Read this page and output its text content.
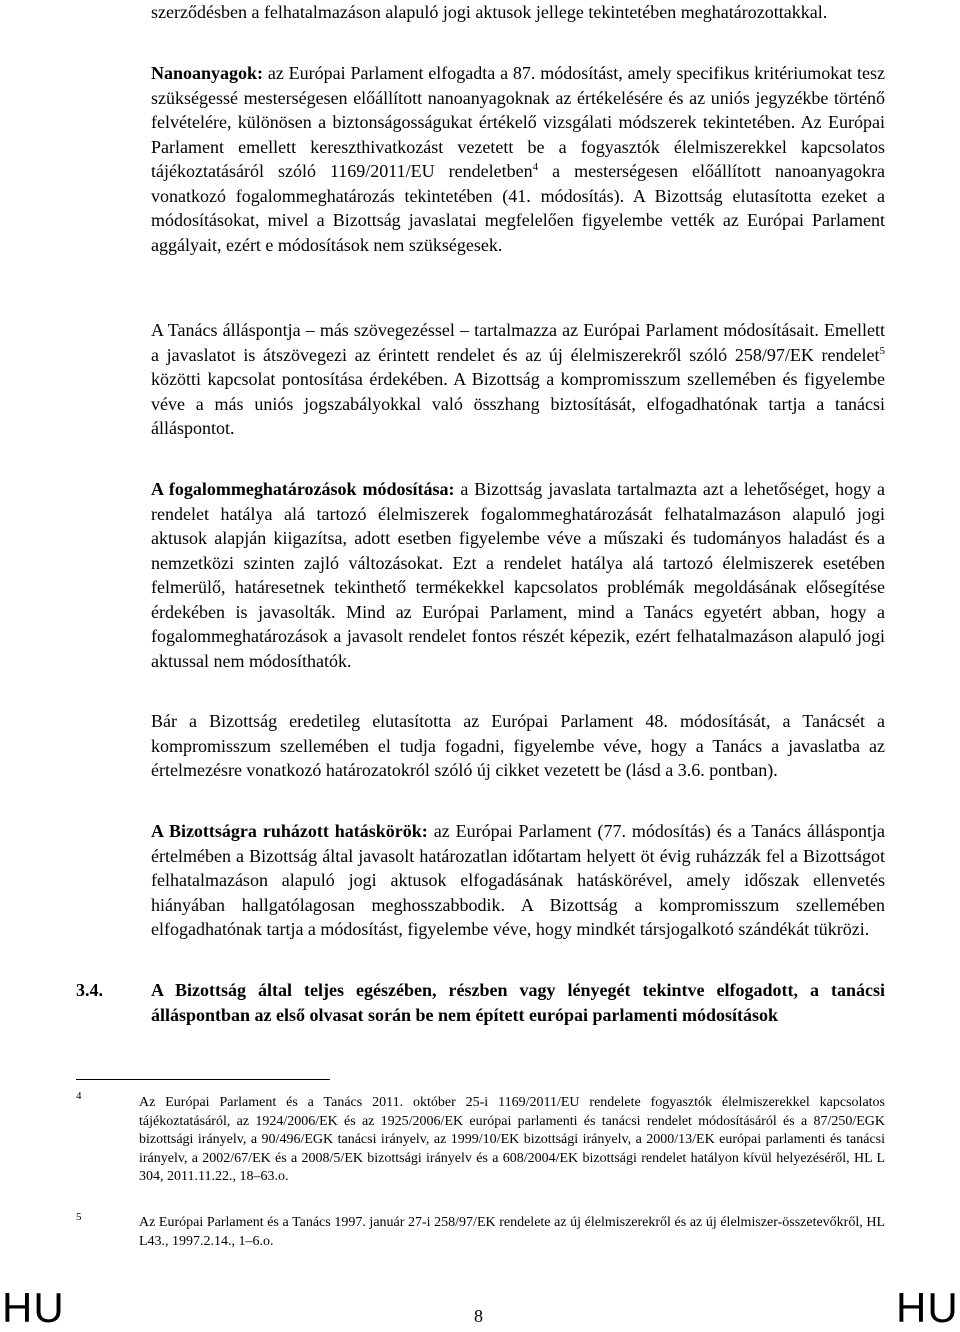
szerződésben a felhatalmazáson alapuló jogi aktusok jellege tekintetében meghatározottakkal.

Nanoanyagok: az Európai Parlament elfogadta a 87. módosítást, amely specifikus kritériumokat tesz szükségessé mesterségesen előállított nanoanyagoknak az értékelésére és az uniós jegyzékbe történő felvételére, különösen a biztonságosságukat értékelő vizsgálati módszerek tekintetében. Az Európai Parlament emellett kereszthivatkozást vezetett be a fogyasztók élelmiszerekkel kapcsolatos tájékoztatásáról szóló 1169/2011/EU rendeletben$^4$ a mesterségesen előállított nanoanyagokra vonatkozó fogalommeghatározás tekintetében (41. módosítás). A Bizottság elutasította ezeket a módosításokat, mivel a Bizottság javaslatai megfelelően figyelembe vették az Európai Parlament aggályait, ezért e módosítások nem szükségesek.

A Tanács álláspontja – más szövegezéssel – tartalmazza az Európai Parlament módosításait. Emellett a javaslatot is átszövegezi az érintett rendelet és az új élelmiszerekről szóló 258/97/EK rendelet$^5$ közötti kapcsolat pontosítása érdekében. A Bizottság a kompromisszum szellemében és figyelembe véve a más uniós jogszabályokkal való összhang biztosítását, elfogadhatónak tartja a tanácsi álláspontot.

A fogalommeghatározások módosítása: a Bizottság javaslata tartalmazta azt a lehetőséget, hogy a rendelet hatálya alá tartozó élelmiszerek fogalommeghatározását felhatalmazáson alapuló jogi aktusok alapján kiigazítsa, adott esetben figyelembe véve a műszaki és tudományos haladást és a nemzetközi szinten zajló változásokat. Ezt a rendelet hatálya alá tartozó élelmiszerek esetében felmerülő, határesetnek tekinthető termékekkel kapcsolatos problémák megoldásának elősegítése érdekében is javasolták. Mind az Európai Parlament, mind a Tanács egyetért abban, hogy a fogalommeghatározások a javasolt rendelet fontos részét képezik, ezért felhatalmazáson alapuló jogi aktussal nem módosíthatók.

Bár a Bizottság eredetileg elutasította az Európai Parlament 48. módosítását, a Tanácsét a kompromisszum szellemében el tudja fogadni, figyelembe véve, hogy a Tanács a javaslatba az értelmezésre vonatkozó határozatokról szóló új cikket vezetett be (lásd a 3.6. pontban).

A Bizottságra ruházott hatáskörök: az Európai Parlament (77. módosítás) és a Tanács álláspontja értelmében a Bizottság által javasolt határozatlan időtartam helyett öt évig ruházzák fel a Bizottságot felhatalmazáson alapuló jogi aktusok elfogadásának hatáskörével, amely időszak ellenvetés hiányában hallgatólagosan meghosszabbodik. A Bizottság a kompromisszum szellemében elfogadhatónak tartja a módosítást, figyelembe véve, hogy mindkét társjogalkotó szándékát tükrözi.

3.4.	A Bizottság által teljes egészében, részben vagy lényegét tekintve elfogadott, a tanácsi álláspontban az első olvasat során be nem épített európai parlamenti módosítások

4	Az Európai Parlament és a Tanács 2011. október 25-i 1169/2011/EU rendelete fogyasztók élelmiszerekkel kapcsolatos tájékoztatásáról, az 1924/2006/EK és az 1925/2006/EK európai parlamenti és tanácsi rendelet módosításáról és a 87/250/EGK bizottsági irányelv, a 90/496/EGK tanácsi irányelv, az 1999/10/EK bizottsági irányelv, a 2000/13/EK európai parlamenti és tanácsi irányelv, a 2002/67/EK és a 2008/5/EK bizottsági irányelv és a 608/2004/EK bizottsági rendelet hatályon kívül helyezéséről, HL L 304, 2011.11.22., 18–63.o.

5	Az Európai Parlament és a Tanács 1997. január 27-i 258/97/EK rendelete az új élelmiszerekről és az új élelmiszer-összetevőkről, HL L43., 1997.2.14., 1–6.o.

HU	8	HU
